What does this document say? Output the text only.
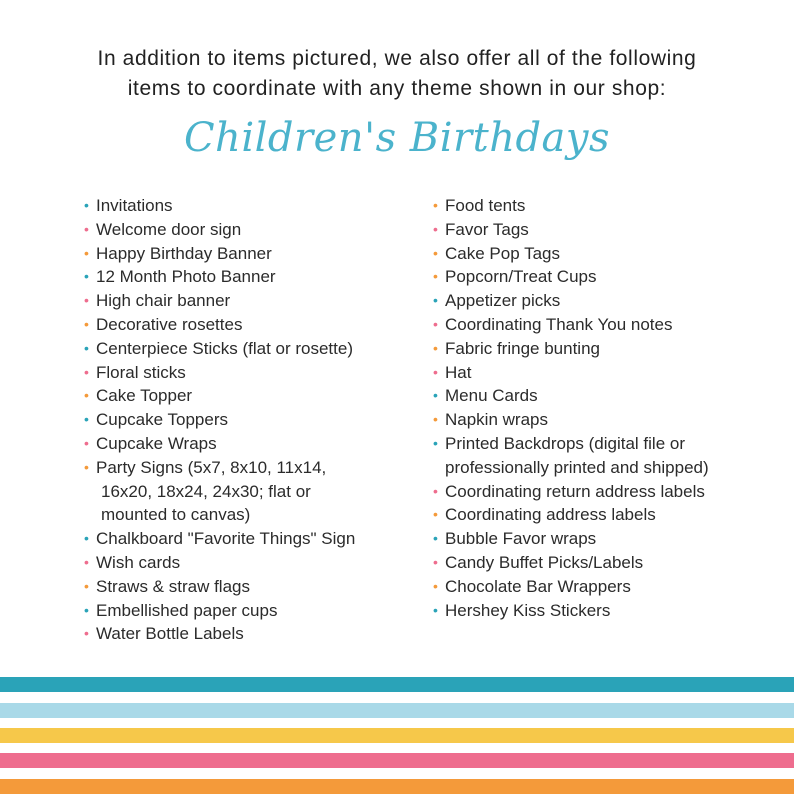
In addition to items pictured, we also offer all of the following
items to coordinate with any theme shown in our shop:
Children's Birthdays
• Invitations
• Welcome door sign
• Happy Birthday Banner
• 12 Month Photo Banner
• High chair banner
• Decorative rosettes
• Centerpiece Sticks (flat or rosette)
• Floral sticks
• Cake Topper
• Cupcake Toppers
• Cupcake Wraps
• Party Signs (5x7, 8x10, 11x14,
16x20, 18x24, 24x30; flat or
mounted to canvas)
• Chalkboard "Favorite Things" Sign
• Wish cards
• Straws & straw flags
• Embellished paper cups
• Water Bottle Labels
• Food tents
• Favor Tags
• Cake Pop Tags
• Popcorn/Treat Cups
• Appetizer picks
• Coordinating Thank You notes
• Fabric fringe bunting
• Hat
• Menu Cards
• Napkin wraps
• Printed Backdrops (digital file or
professionally printed and shipped)
• Coordinating return address labels
• Coordinating address labels
• Bubble Favor wraps
• Candy Buffet Picks/Labels
• Chocolate Bar Wrappers
• Hershey Kiss Stickers
